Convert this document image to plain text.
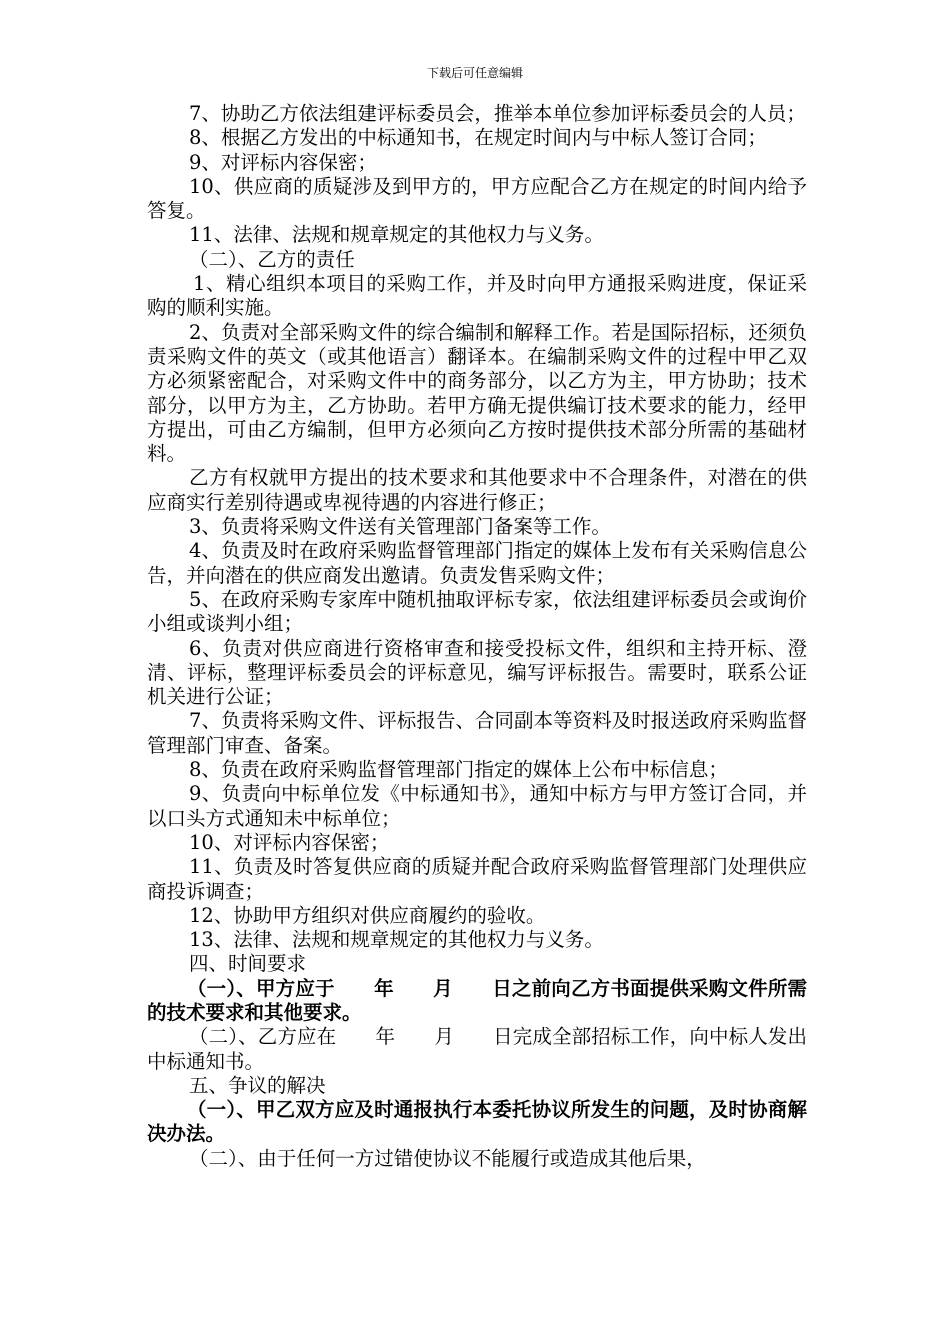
下载后可任意编辑

7、协助乙方依法组建评标委员会，推举本单位参加评标委员会的人员；

8、根据乙方发出的中标通知书，在规定时间内与中标人签订合同；

9、对评标内容保密；

10、供应商的质疑涉及到甲方的，甲方应配合乙方在规定的时间内给予答复。

11、法律、法规和规章规定的其他权力与义务。

（二）、乙方的责任

1、精心组织本项目的采购工作，并及时向甲方通报采购进度，保证采购的顺利实施。

2、负责对全部采购文件的综合编制和解释工作。若是国际招标，还须负责采购文件的英文（或其他语言）翻译本。在编制采购文件的过程中甲乙双方必须紧密配合，对采购文件中的商务部分，以乙方为主，甲方协助；技术部分，以甲方为主，乙方协助。若甲方确无提供编订技术要求的能力，经甲方提出，可由乙方编制，但甲方必须向乙方按时提供技术部分所需的基础材料。

乙方有权就甲方提出的技术要求和其他要求中不合理条件，对潜在的供应商实行差别待遇或卑视待遇的内容进行修正；

3、负责将采购文件送有关管理部门备案等工作。

4、负责及时在政府采购监督管理部门指定的媒体上发布有关采购信息公告，并向潜在的供应商发出邀请。负责发售采购文件；

5、在政府采购专家库中随机抽取评标专家，依法组建评标委员会或询价小组或谈判小组；

6、负责对供应商进行资格审查和接受投标文件，组织和主持开标、澄清、评标，整理评标委员会的评标意见，编写评标报告。需要时，联系公证机关进行公证；

7、负责将采购文件、评标报告、合同副本等资料及时报送政府采购监督管理部门审查、备案。

8、负责在政府采购监督管理部门指定的媒体上公布中标信息；

9、负责向中标单位发《中标通知书》，通知中标方与甲方签订合同，并以口头方式通知未中标单位；

10、对评标内容保密；

11、负责及时答复供应商的质疑并配合政府采购监督管理部门处理供应商投诉调查；

12、协助甲方组织对供应商履约的验收。

13、法律、法规和规章规定的其他权力与义务。

四、时间要求

（一）、甲方应于　　年　　月　　日之前向乙方书面提供采购文件所需的技术要求和其他要求。

（二）、乙方应在　　年　　月　　日完成全部招标工作，向中标人发出中标通知书。

五、争议的解决

（一）、甲乙双方应及时通报执行本委托协议所发生的问题，及时协商解决办法。

（二）、由于任何一方过错使协议不能履行或造成其他后果，
